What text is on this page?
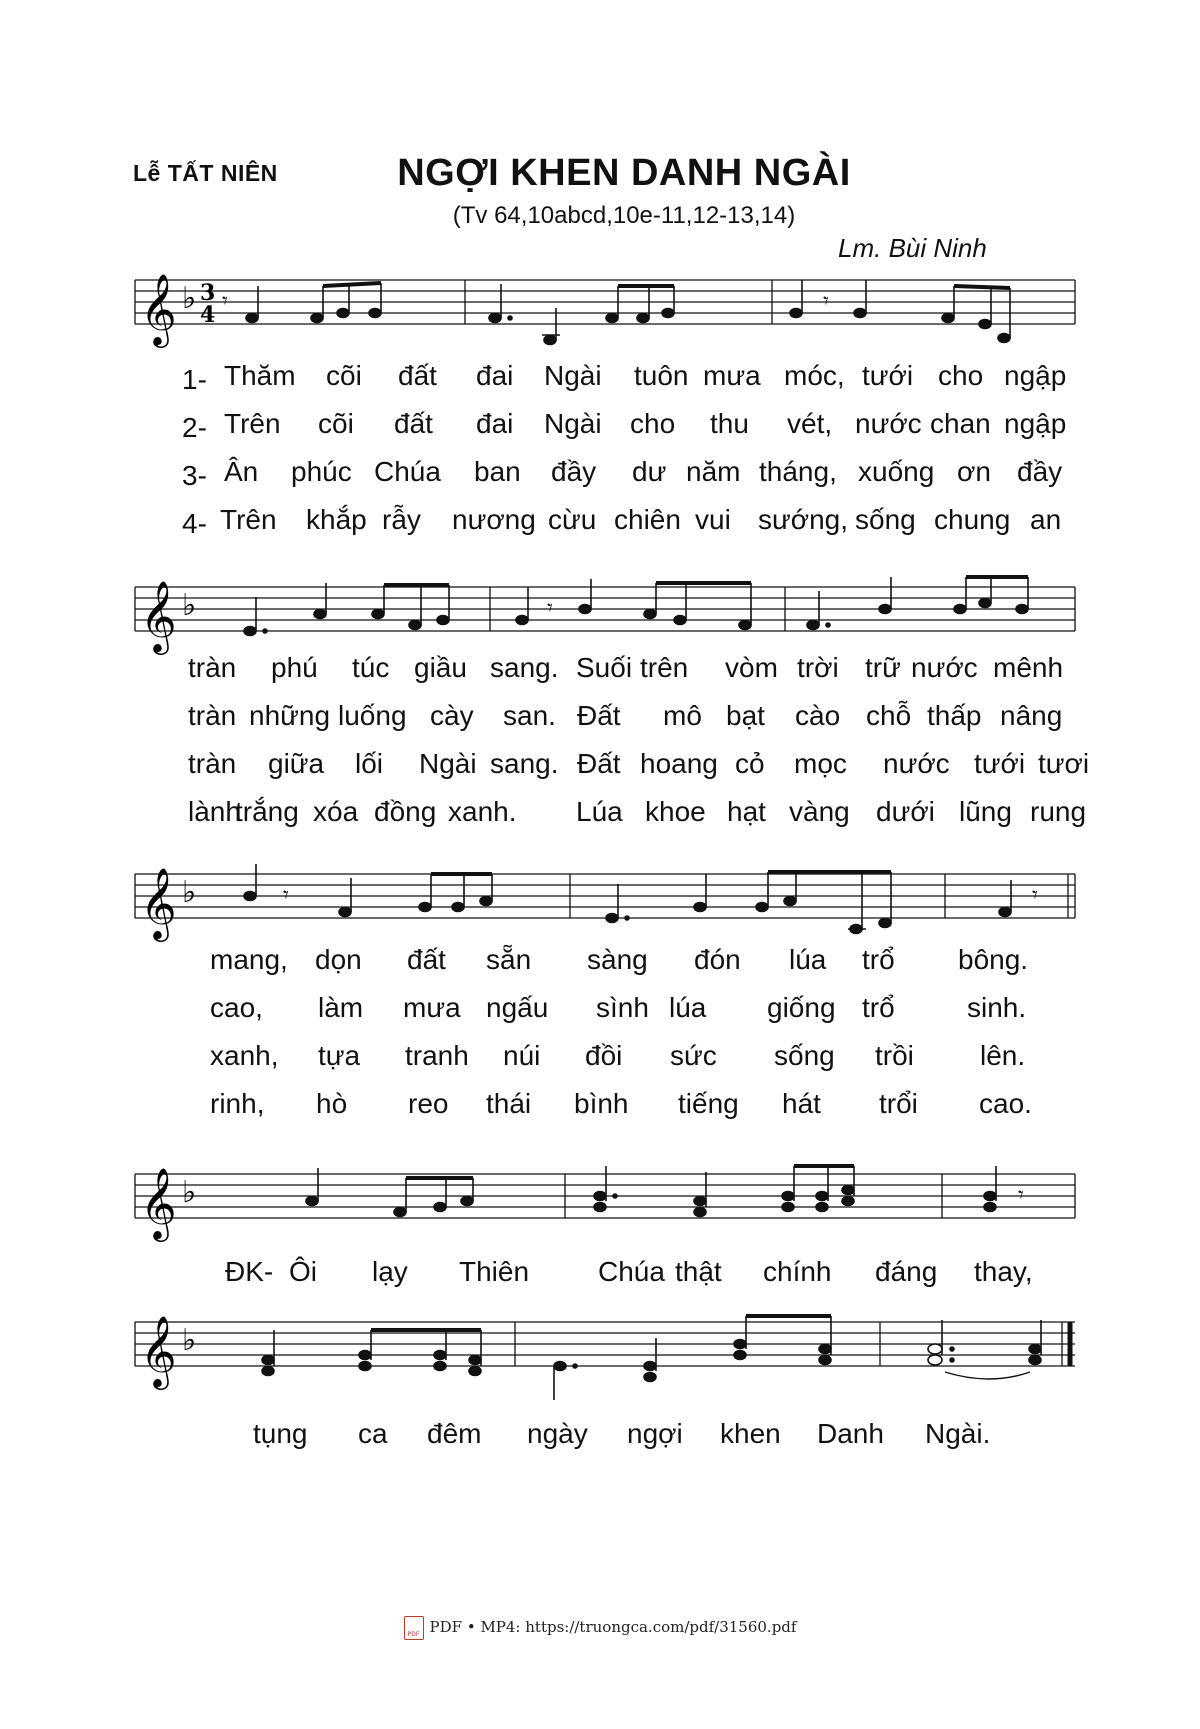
Lễ TẤT NIÊN	NGỢI KHEN DANH NGÀI
(Tv 64,10abcd,10e-11,12-13,14)
Lm. Bùi Ninh
𝄞 ♭ 3
4
𝄾	𝄾
1-
2-
3-
4-
Thăm cõi đất đai Ngài tuôn mưa móc, tưới cho ngập
Trên cõi đất đai Ngài cho thu vét, nước chan ngập
Ân phúc Chúa ban đầy dư năm tháng, xuống ơn đầy
Trên khắp rẫy nương cừu chiên vui sướng, sống chung an
𝄞 ♭	𝄾
tràn phú túc giầu sang. Suối trên vòm trời trữ nước mênh
tràn những luống cày san. Đất mô bạt cào chỗ thấp nâng
tràn giữa lối Ngài sang. Đất hoang cỏ mọc nước tưới tươi
lành
trắng xóa đồng xanh. Lúa khoe hạt vàng dưới lũng rung
𝄞 ♭	𝄾	𝄾
mang, dọn đất sẵn sàng đón lúa trổ bông.
cao, làm mưa ngấu sình lúa giống trổ	sinh.
xanh, tựa tranh núi đồi sức sống trồi lên.
rinh, hò reo thái bình tiếng hát trổi cao.
𝄞 ♭	𝄾
ĐK- Ôi lạy Thiên Chúa thật chính đáng thay,
𝄞 ♭
tụng ca đêm ngày ngợi khen Danh Ngài.
PDFPDF • MP4: https://truongca.com/pdf/31560.pdf
